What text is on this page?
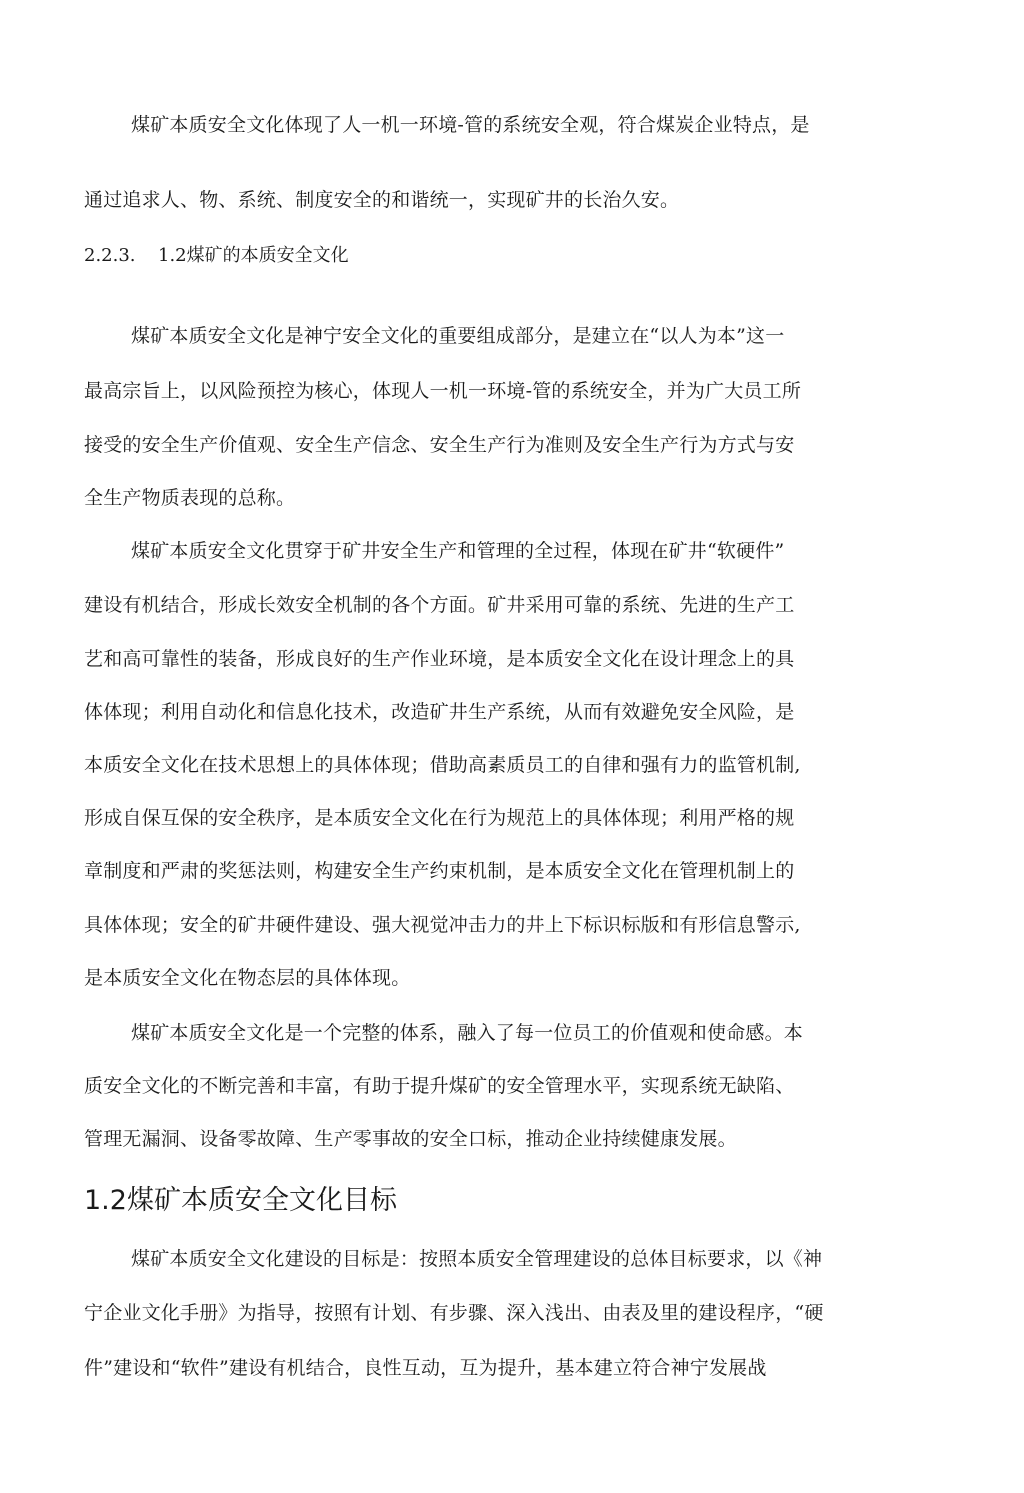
煤矿本质安全文化体现了人一机一环境-管的系统安全观，符合煤炭企业特点，是
通过追求人、物、系统、制度安全的和谐统一，实现矿井的长治久安。
2.2.3. 1.2煤矿的本质安全文化
煤矿本质安全文化是神宁安全文化的重要组成部分，是建立在“以人为本”这一
最高宗旨上，以风险预控为核心，体现人一机一环境-管的系统安全，并为广大员工所
接受的安全生产价值观、安全生产信念、安全生产行为准则及安全生产行为方式与安
全生产物质表现的总称。
煤矿本质安全文化贯穿于矿井安全生产和管理的全过程，体现在矿井“软硬件”
建设有机结合，形成长效安全机制的各个方面。矿井采用可靠的系统、先进的生产工
艺和高可靠性的装备，形成良好的生产作业环境，是本质安全文化在设计理念上的具
体体现；利用自动化和信息化技术，改造矿井生产系统，从而有效避免安全风险，是
本质安全文化在技术思想上的具体体现；借助高素质员工的自律和强有力的监管机制,
形成自保互保的安全秩序，是本质安全文化在行为规范上的具体体现；利用严格的规
章制度和严肃的奖惩法则，构建安全生产约束机制，是本质安全文化在管理机制上的
具体体现；安全的矿井硬件建设、强大视觉冲击力的井上下标识标版和有形信息警示,
是本质安全文化在物态层的具体体现。
煤矿本质安全文化是一个完整的体系，融入了每一位员工的价值观和使命感。本
质安全文化的不断完善和丰富，有助于提升煤矿的安全管理水平，实现系统无缺陷、
管理无漏洞、设备零故障、生产零事故的安全口标，推动企业持续健康发展。
1.2煤矿本质安全文化目标
煤矿本质安全文化建设的目标是：按照本质安全管理建设的总体目标要求，以《神
宁企业文化手册》为指导，按照有计划、有步骤、深入浅出、由表及里的建设程序，“硬
件”建设和“软件”建设有机结合，良性互动，互为提升，基本建立符合神宁发展战
